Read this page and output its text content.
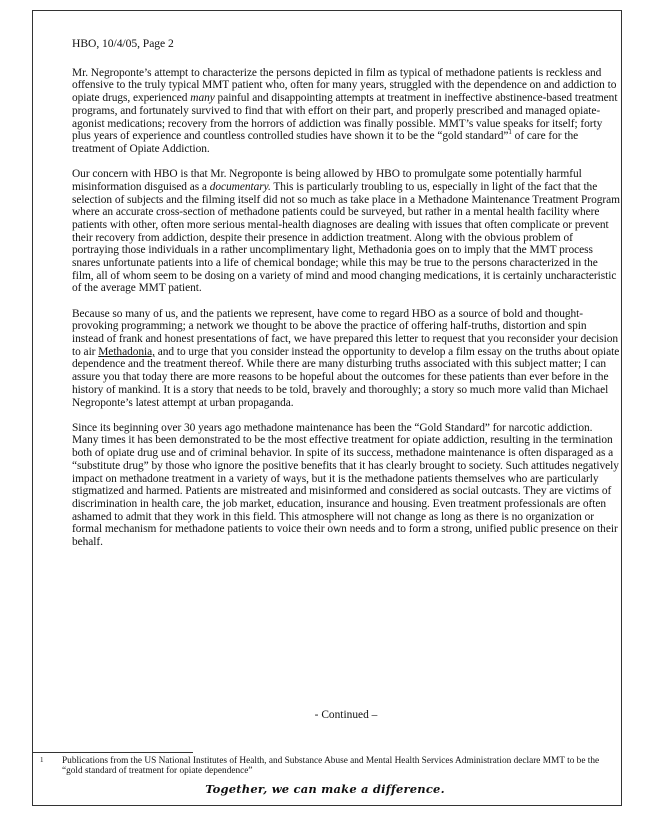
HBO, 10/4/05, Page 2

Mr. Negroponte’s attempt to characterize the persons depicted in film as typical of methadone patients is reckless and offensive to the truly typical MMT patient who, often for many years, struggled with the dependence on and addiction to opiate drugs, experienced many painful and disappointing attempts at treatment in ineffective abstinence-based treatment programs, and fortunately survived to find that with effort on their part, and properly prescribed and managed opiate-agonist medications; recovery from the horrors of addiction was finally possible. MMT’s value speaks for itself; forty plus years of experience and countless controlled studies have shown it to be the “gold standard”$^1$ of care for the treatment of Opiate Addiction.

Our concern with HBO is that Mr. Negroponte is being allowed by HBO to promulgate some potentially harmful misinformation disguised as a documentary. This is particularly troubling to us, especially in light of the fact that the selection of subjects and the filming itself did not so much as take place in a Methadone Maintenance Treatment Program where an accurate cross-section of methadone patients could be surveyed, but rather in a mental health facility where patients with other, often more serious mental-health diagnoses are dealing with issues that often complicate or prevent their recovery from addiction, despite their presence in addiction treatment. Along with the obvious problem of portraying those individuals in a rather uncomplimentary light, Methadonia goes on to imply that the MMT process snares unfortunate patients into a life of chemical bondage; while this may be true to the persons characterized in the film, all of whom seem to be dosing on a variety of mind and mood changing medications, it is certainly uncharacteristic of the average MMT patient.

Because so many of us, and the patients we represent, have come to regard HBO as a source of bold and thought-provoking programming; a network we thought to be above the practice of offering half-truths, distortion and spin instead of frank and honest presentations of fact, we have prepared this letter to request that you reconsider your decision to air Methadonia, and to urge that you consider instead the opportunity to develop a film essay on the truths about opiate dependence and the treatment thereof. While there are many disturbing truths associated with this subject matter; I can assure you that today there are more reasons to be hopeful about the outcomes for these patients than ever before in the history of mankind. It is a story that needs to be told, bravely and thoroughly; a story so much more valid than Michael Negroponte’s latest attempt at urban propaganda.

Since its beginning over 30 years ago methadone maintenance has been the “Gold Standard” for narcotic addiction. Many times it has been demonstrated to be the most effective treatment for opiate addiction, resulting in the termination both of opiate drug use and of criminal behavior. In spite of its success, methadone maintenance is often disparaged as a “substitute drug” by those who ignore the positive benefits that it has clearly brought to society. Such attitudes negatively impact on methadone treatment in a variety of ways, but it is the methadone patients themselves who are particularly stigmatized and harmed. Patients are mistreated and misinformed and considered as social outcasts. They are victims of discrimination in health care, the job market, education, insurance and housing. Even treatment professionals are often ashamed to admit that they work in this field. This atmosphere will not change as long as there is no organization or formal mechanism for methadone patients to voice their own needs and to form a strong, unified public presence on their behalf.

- Continued –
1 Publications from the US National Institutes of Health, and Substance Abuse and Mental Health Services Administration declare MMT to be the “gold standard of treatment for opiate dependence”
Together, we can make a difference.
